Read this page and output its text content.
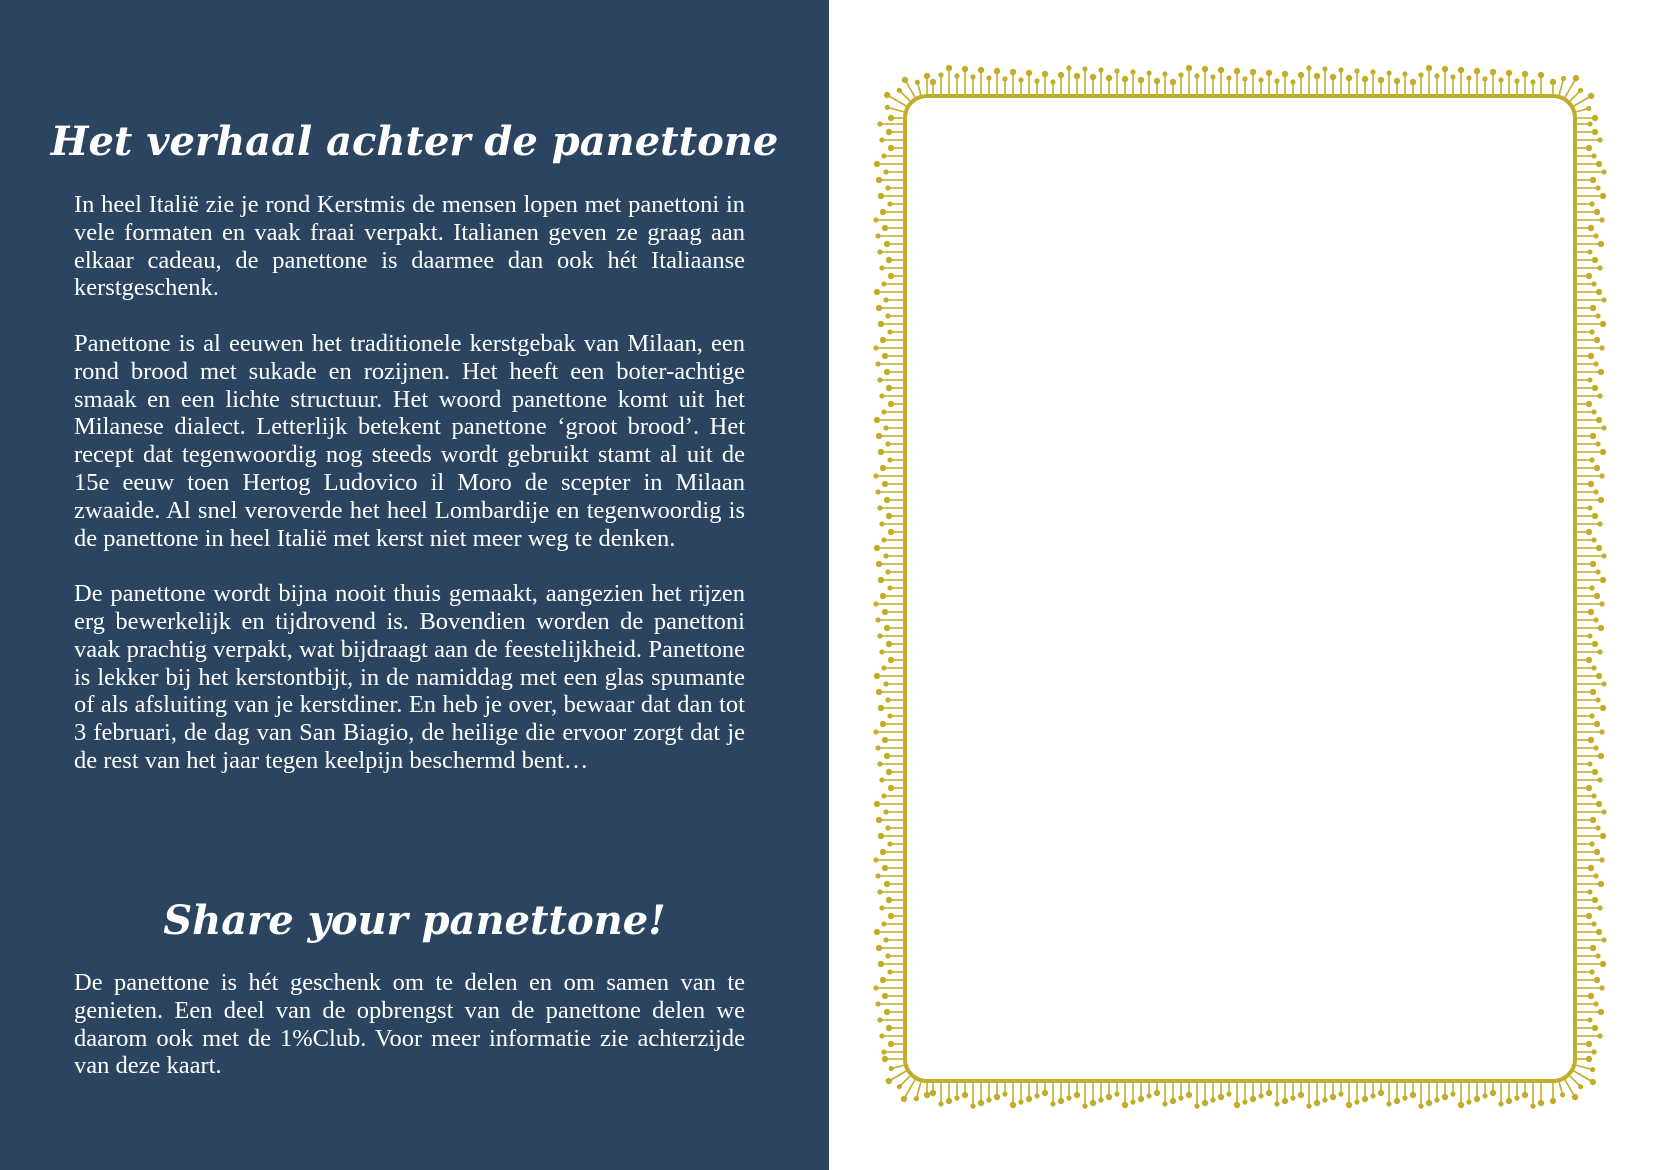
Het verhaal achter de panettone

In heel Italië zie je rond Kerstmis de mensen lopen met panettoni in vele formaten en vaak fraai verpakt. Italianen geven ze graag aan elkaar cadeau, de panettone is daarmee dan ook hét Italiaanse kerstgeschenk.

Panettone is al eeuwen het traditionele kerstgebak van Milaan, een rond brood met sukade en rozijnen. Het heeft een boter-achtige smaak en een lichte structuur. Het woord panettone komt uit het Milanese dialect. Letterlijk betekent panettone ‘groot brood’. Het recept dat tegenwoordig nog steeds wordt gebruikt stamt al uit de 15e eeuw toen Hertog Ludovico il Moro de scepter in Milaan zwaaide. Al snel veroverde het heel Lombardije en tegenwoordig is de panettone in heel Italië met kerst niet meer weg te denken.

De panettone wordt bijna nooit thuis gemaakt, aangezien het rijzen erg bewerkelijk en tijdrovend is. Bovendien worden de panettoni vaak prachtig verpakt, wat bijdraagt aan de feestelijkheid. Panettone is lekker bij het kerstontbijt, in de namiddag met een glas spumante of als afsluiting van je kerstdiner. En heb je over, bewaar dat dan tot 3 februari, de dag van San Biagio, de heilige die ervoor zorgt dat je de rest van het jaar tegen keelpijn beschermd bent…

Share your panettone!

De panettone is hét geschenk om te delen en om samen van te genieten. Een deel van de opbrengst van de panettone delen we daarom ook met de 1%Club. Voor meer informatie zie achterzijde van deze kaart.
